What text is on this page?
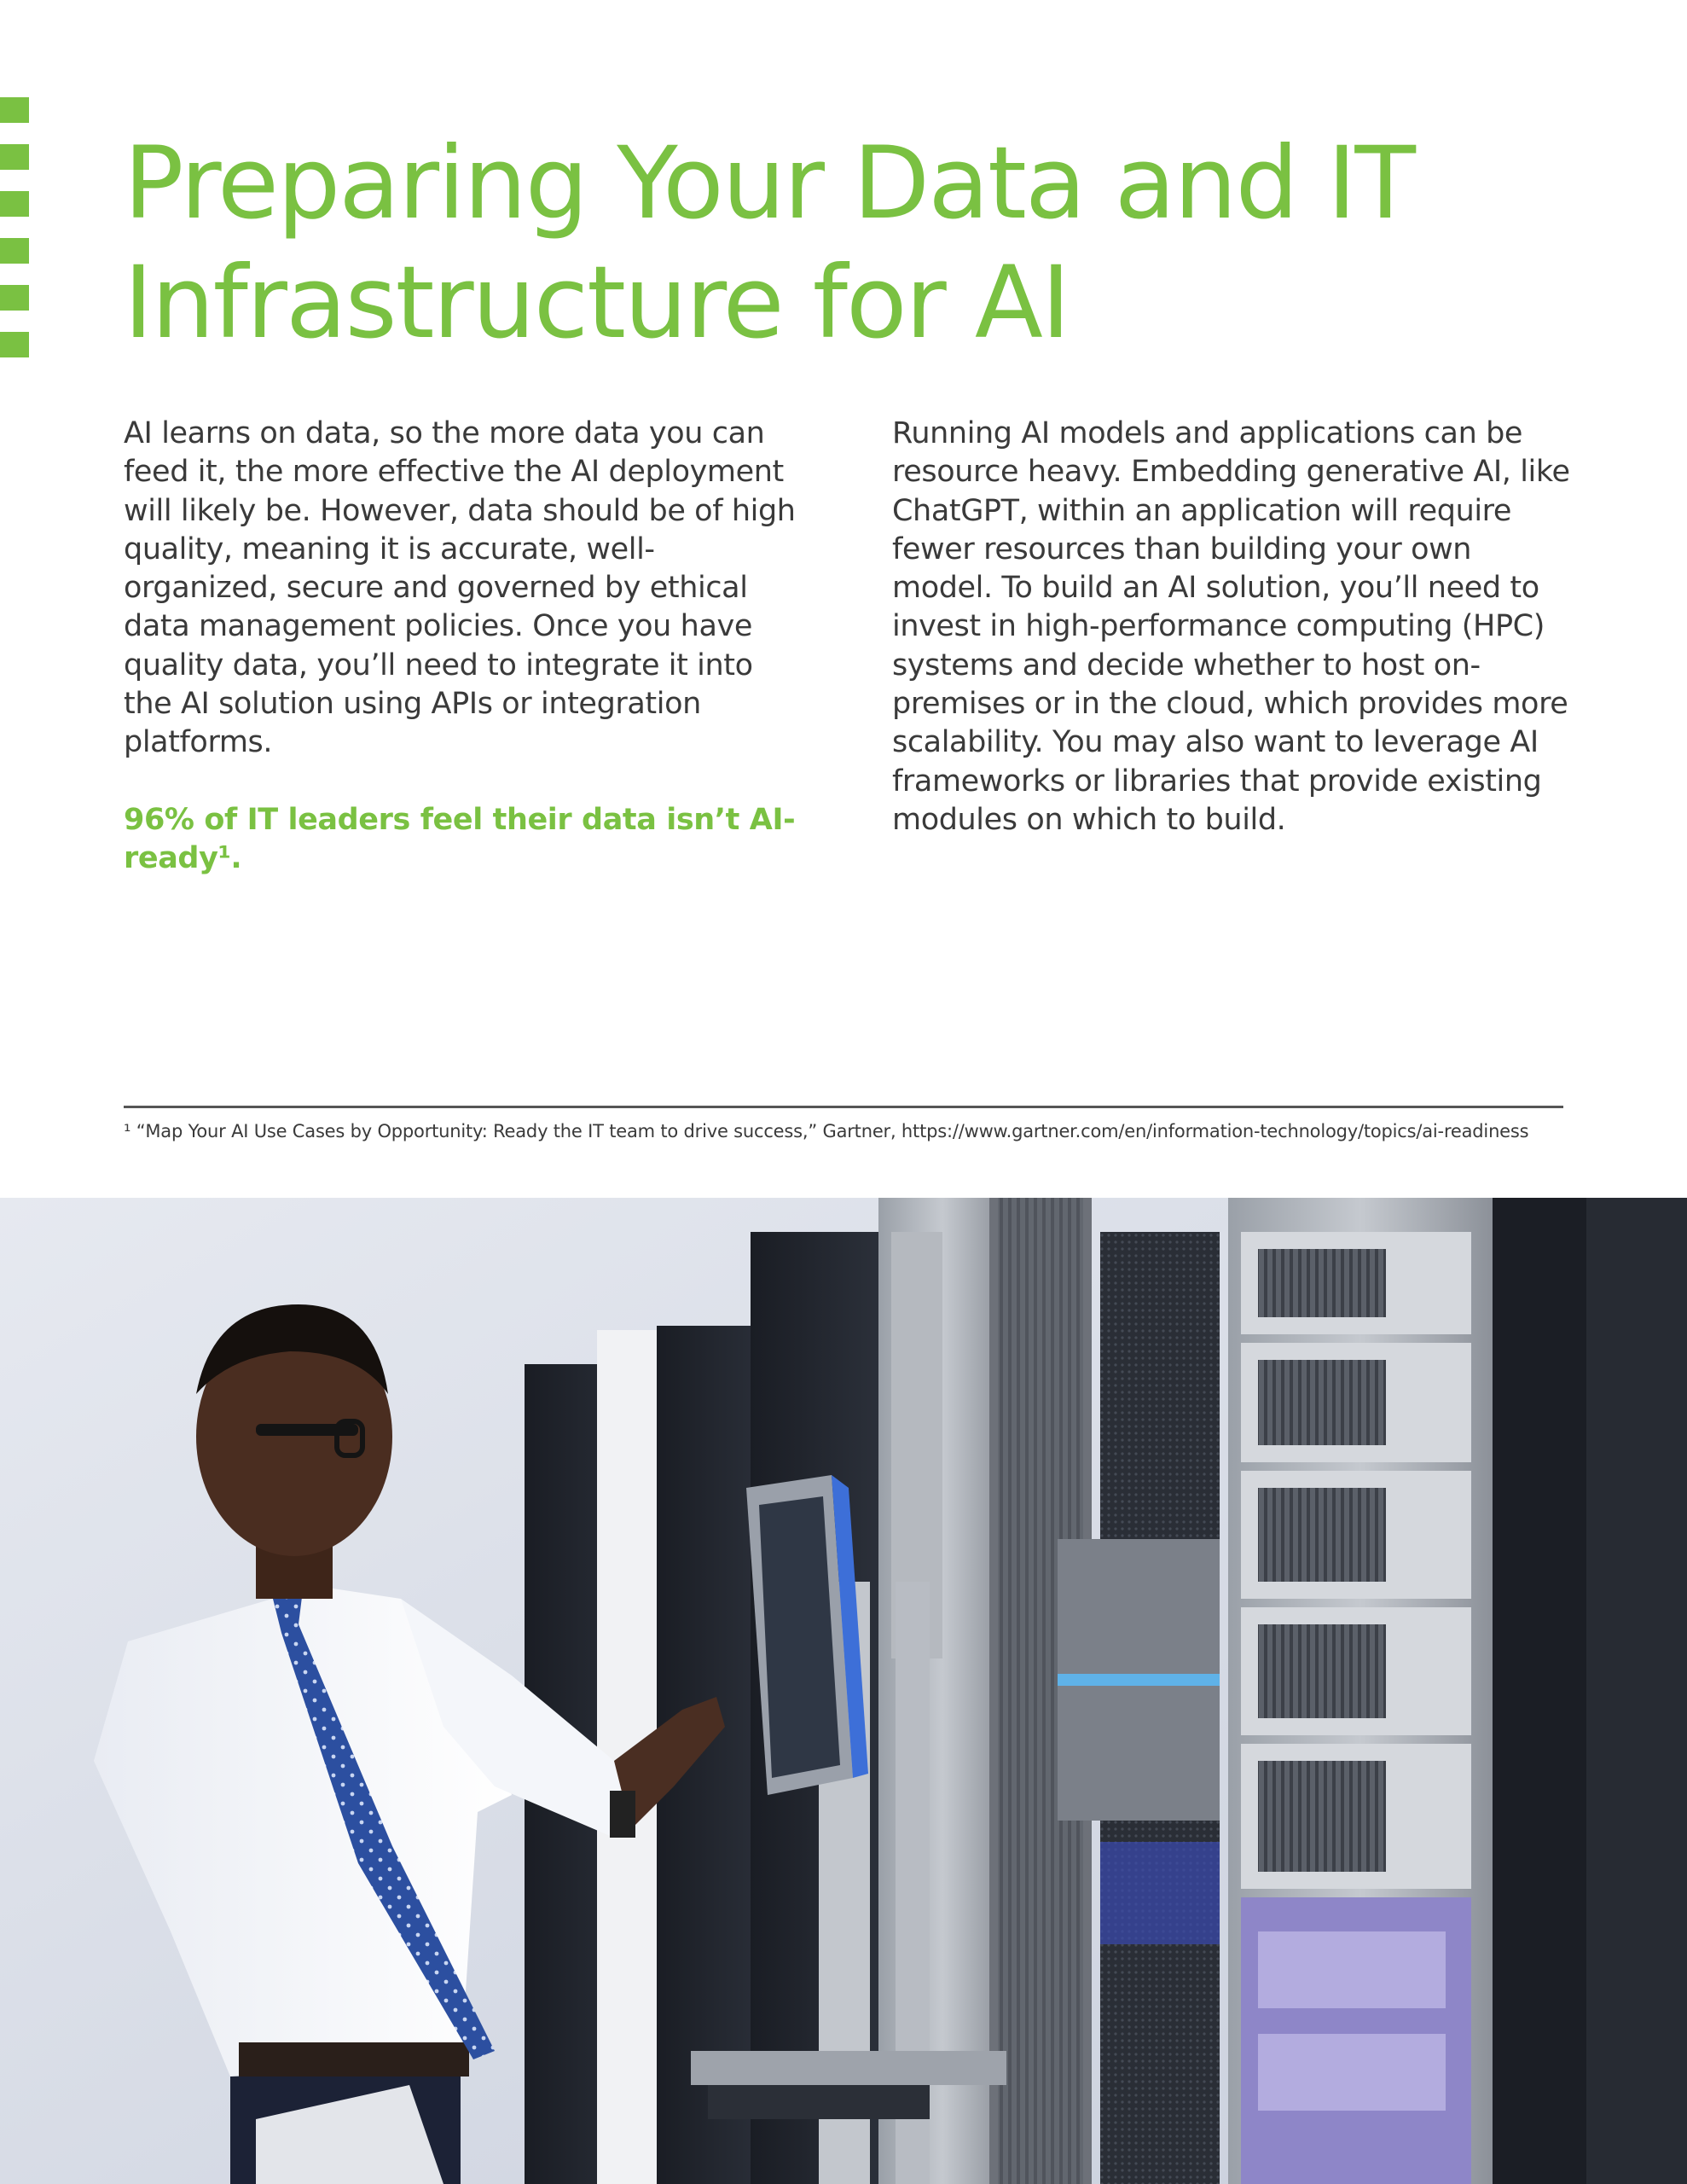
Preparing Your Data and IT Infrastructure for AI

AI learns on data, so the more data you can feed it, the more effective the AI deployment will likely be. However, data should be of high quality, meaning it is accurate, well-organized, secure and governed by ethical data management policies. Once you have quality data, you’ll need to integrate it into the AI solution using APIs or integration platforms.

96% of IT leaders feel their data isn’t AI-ready¹.

Running AI models and applications can be resource heavy. Embedding generative AI, like ChatGPT, within an application will require fewer resources than building your own model. To build an AI solution, you’ll need to invest in high-performance computing (HPC) systems and decide whether to host on-premises or in the cloud, which provides more scalability. You may also want to leverage AI frameworks or libraries that provide existing modules on which to build.

¹ “Map Your AI Use Cases by Opportunity: Ready the IT team to drive success,” Gartner, https://www.gartner.com/en/information-technology/topics/ai-readiness
